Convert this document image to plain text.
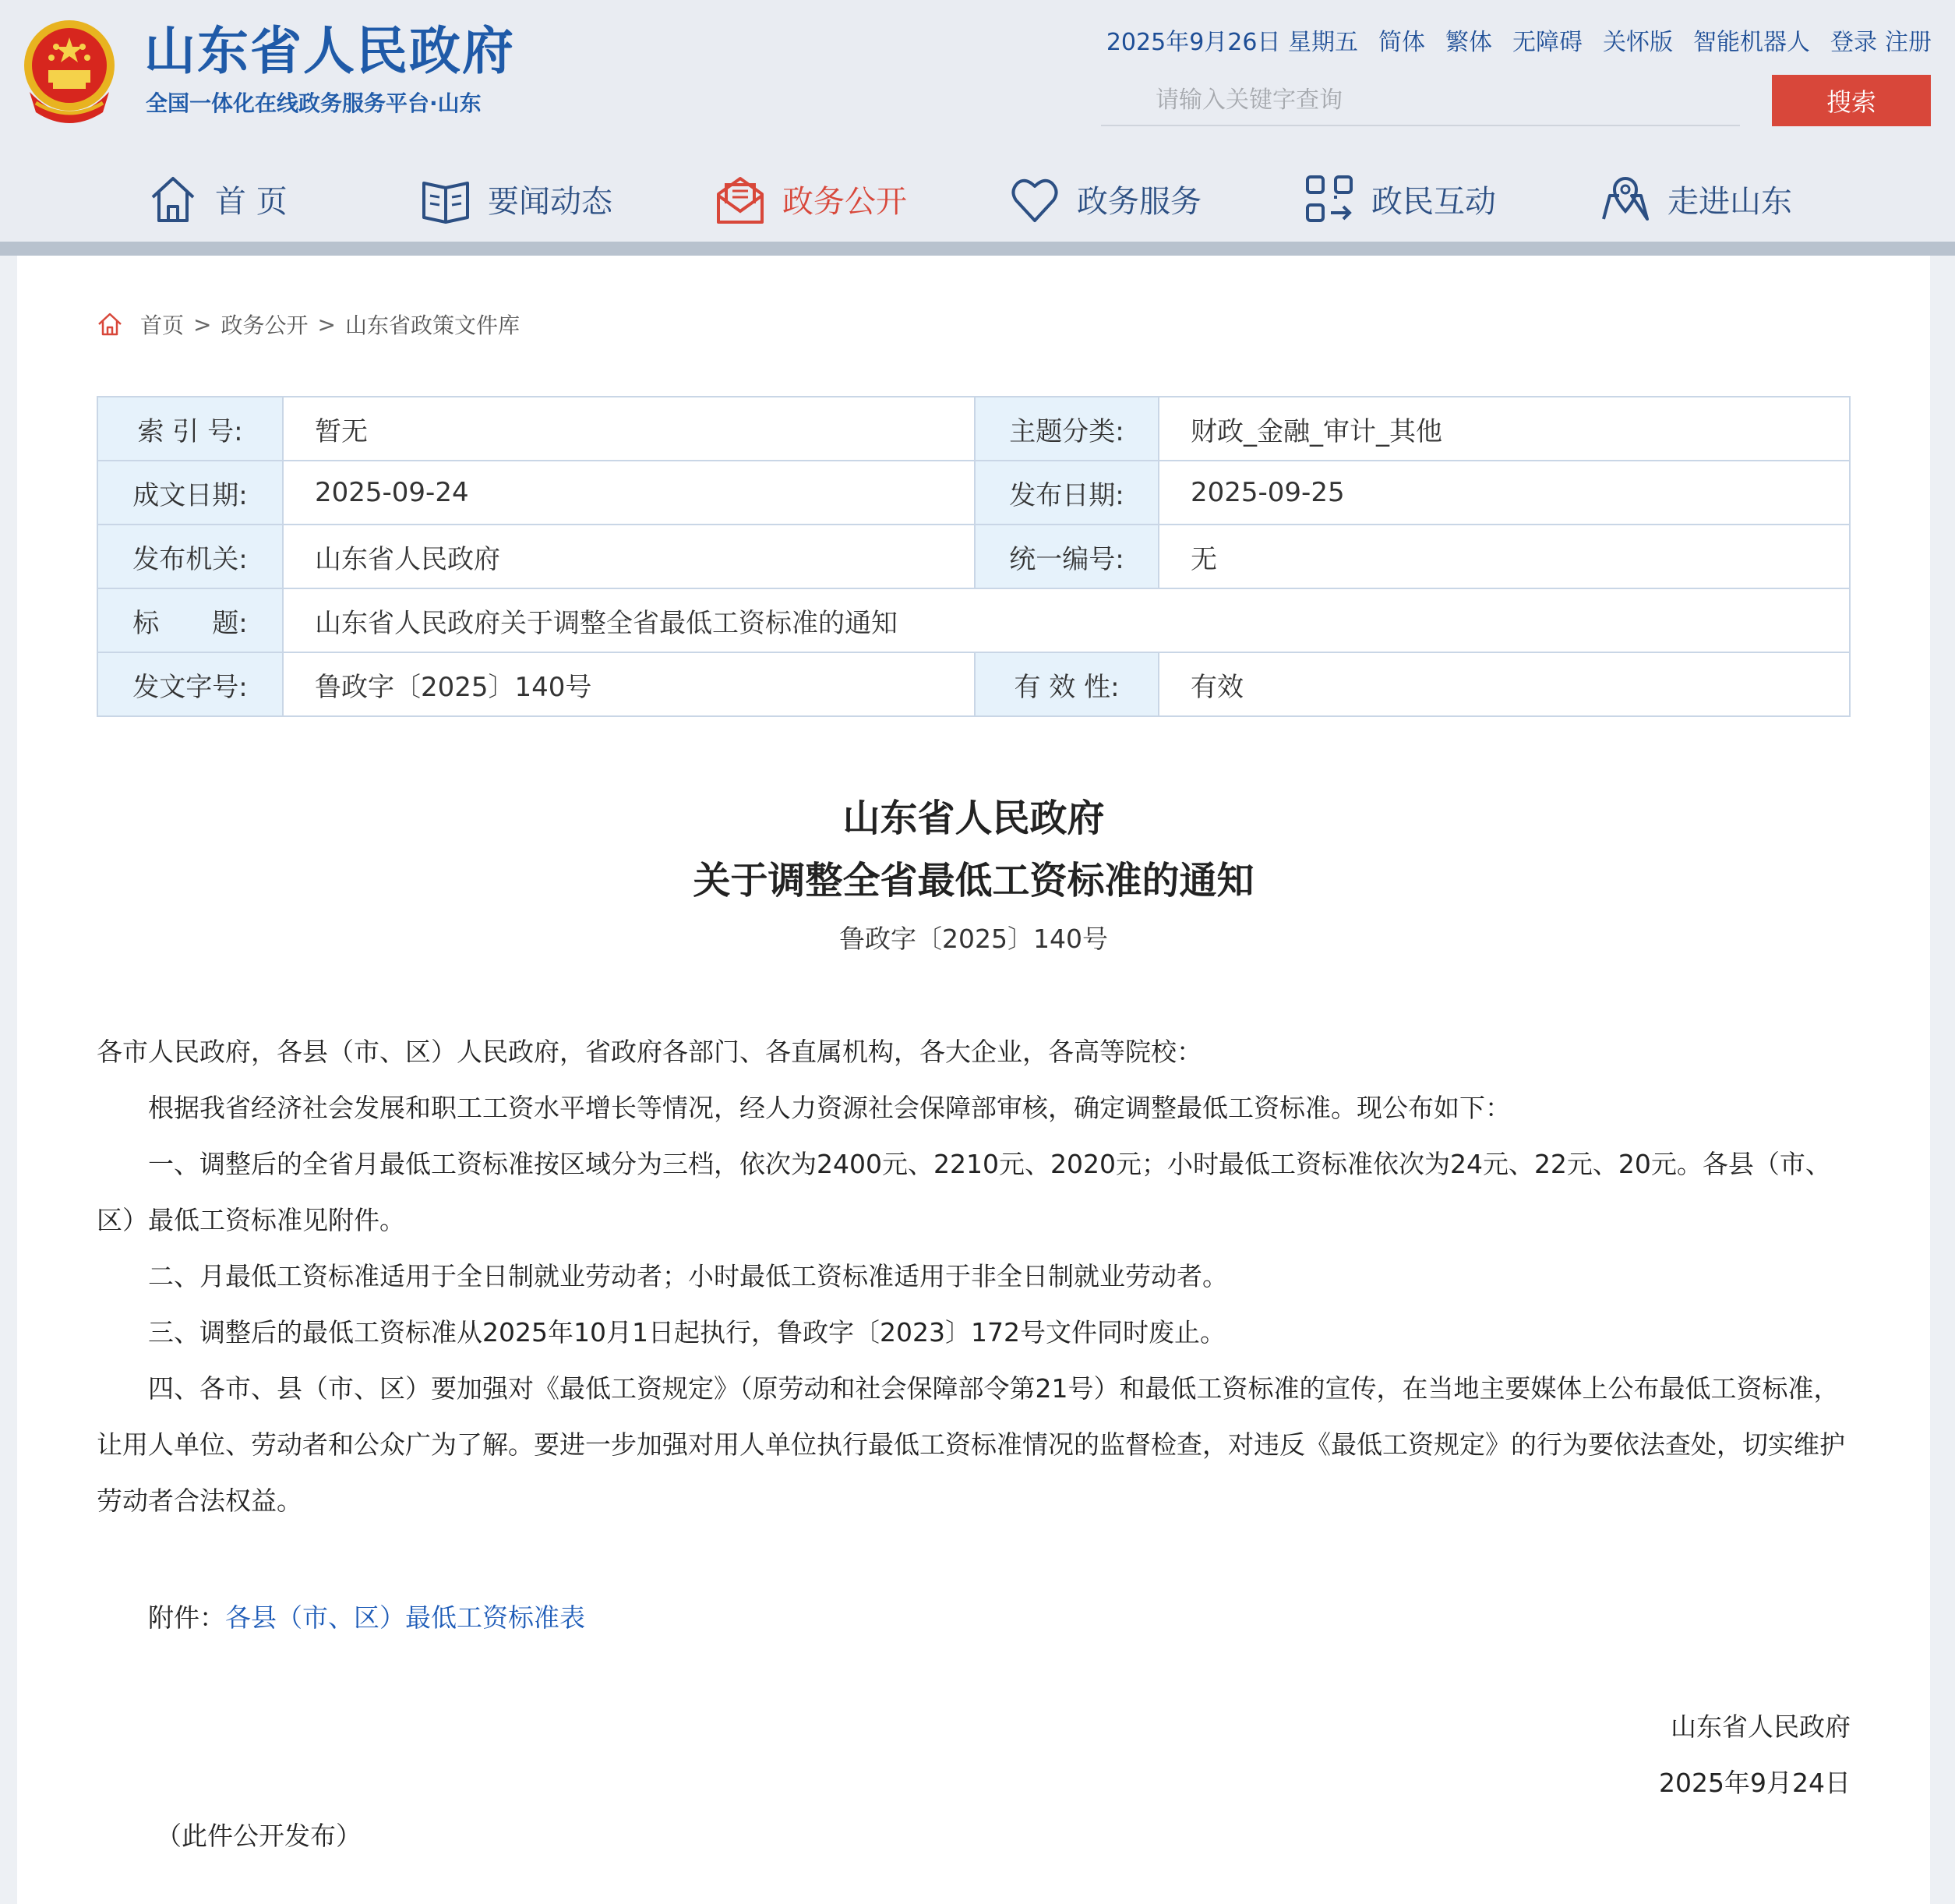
山东省人民政府
全国一体化在线政务服务平台·山东
2025年9月26日 星期五 简体 繁体 无障碍 关怀版 智能机器人 登录 注册
请输入关键字查询
搜索
首 页	要闻动态	政务公开	政务服务	政民互动	走进山东
首页 > 政务公开 > 山东省政策文件库
索 引 号:	暂无	主题分类:	财政_金融_审计_其他
成文日期:	2025-09-24	发布日期:	2025-09-25
发布机关:	山东省人民政府	统一编号:	无
标　　题:	山东省人民政府关于调整全省最低工资标准的通知		
发文字号:	鲁政字〔2025〕140号	有 效 性:	有效
山东省人民政府
关于调整全省最低工资标准的通知
鲁政字〔2025〕140号

各市人民政府，各县（市、区）人民政府，省政府各部门、各直属机构，各大企业，各高等院校：

根据我省经济社会发展和职工工资水平增长等情况，经人力资源社会保障部审核，确定调整最低工资标准。现公布如下：

一、调整后的全省月最低工资标准按区域分为三档，依次为2400元、2210元、2020元；小时最低工资标准依次为24元、22元、20元。各县（市、区）最低工资标准见附件。

二、月最低工资标准适用于全日制就业劳动者；小时最低工资标准适用于非全日制就业劳动者。

三、调整后的最低工资标准从2025年10月1日起执行，鲁政字〔2023〕172号文件同时废止。

四、各市、县（市、区）要加强对《最低工资规定》（原劳动和社会保障部令第21号）和最低工资标准的宣传，在当地主要媒体上公布最低工资标准，让用人单位、劳动者和公众广为了解。要进一步加强对用人单位执行最低工资标准情况的监督检查，对违反《最低工资规定》的行为要依法查处，切实维护劳动者合法权益。

附件：各县（市、区）最低工资标准表
山东省人民政府
2025年9月24日
（此件公开发布）
